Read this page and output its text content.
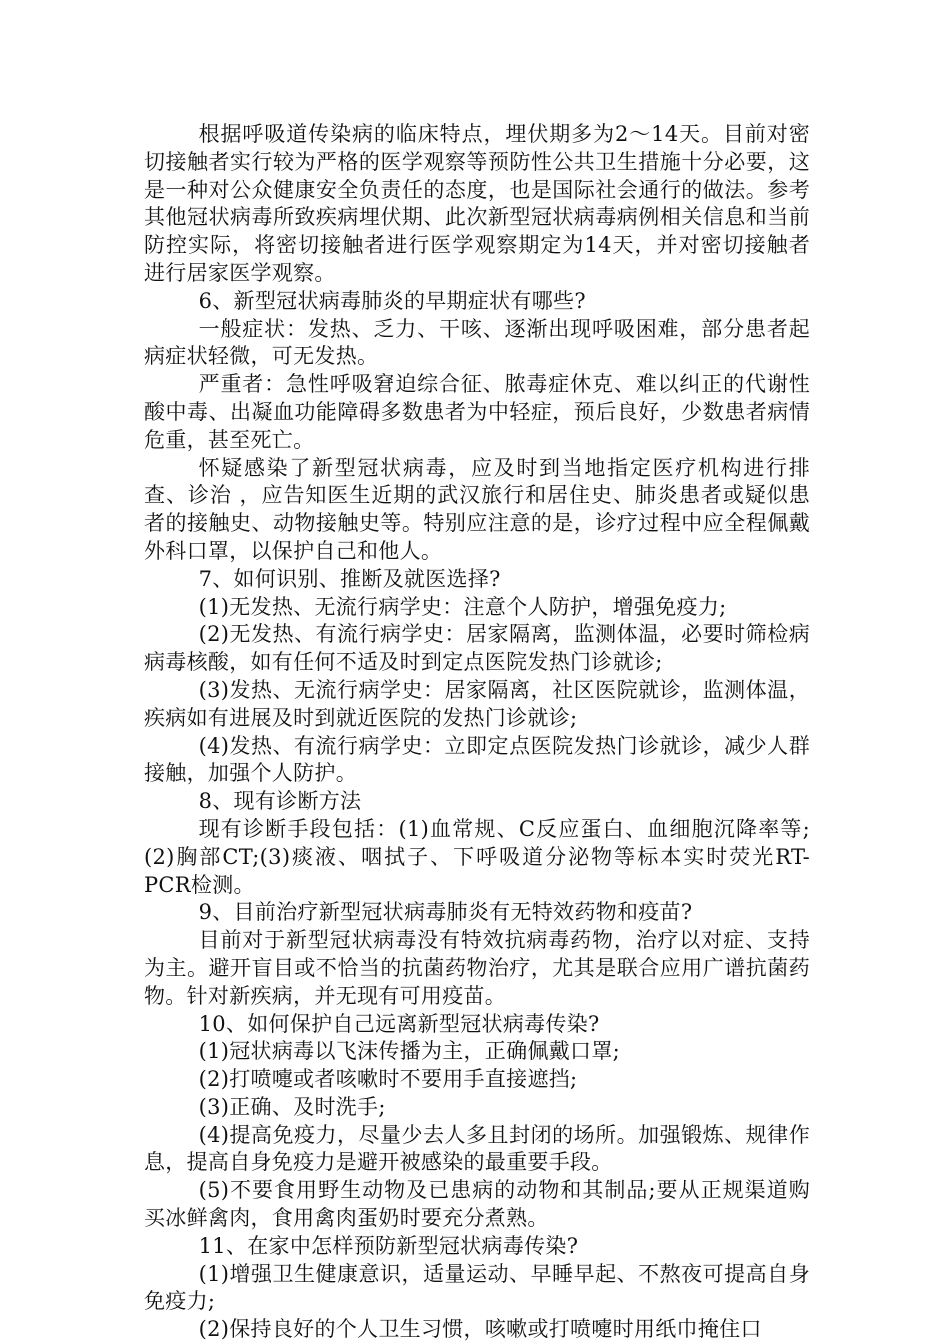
根据呼吸道传染病的临床特点，埋伏期多为2～14天。目前对密切接触者实行较为严格的医学观察等预防性公共卫生措施十分必要，这是一种对公众健康安全负责任的态度，也是国际社会通行的做法。参考其他冠状病毒所致疾病埋伏期、此次新型冠状病毒病例相关信息和当前防控实际，将密切接触者进行医学观察期定为14天，并对密切接触者进行居家医学观察。

6、新型冠状病毒肺炎的早期症状有哪些?

一般症状：发热、乏力、干咳、逐渐出现呼吸困难，部分患者起病症状轻微，可无发热。

严重者：急性呼吸窘迫综合征、脓毒症休克、难以纠正的代谢性酸中毒、出凝血功能障碍多数患者为中轻症，预后良好，少数患者病情危重，甚至死亡。

怀疑感染了新型冠状病毒，应及时到当地指定医疗机构进行排查、诊治 ，应告知医生近期的武汉旅行和居住史、肺炎患者或疑似患者的接触史、动物接触史等。特别应注意的是，诊疗过程中应全程佩戴外科口罩，以保护自己和他人。

7、如何识别、推断及就医选择?

(1)无发热、无流行病学史：注意个人防护，增强免疫力;

(2)无发热、有流行病学史：居家隔离，监测体温，必要时筛检病病毒核酸，如有任何不适及时到定点医院发热门诊就诊;

(3)发热、无流行病学史：居家隔离，社区医院就诊，监测体温，疾病如有进展及时到就近医院的发热门诊就诊;

(4)发热、有流行病学史：立即定点医院发热门诊就诊，减少人群接触，加强个人防护。

8、现有诊断方法

现有诊断手段包括：(1)血常规、C反应蛋白、血细胞沉降率等;(2)胸部CT;(3)痰液、咽拭子、下呼吸道分泌物等标本实时荧光RT-PCR检测。

9、目前治疗新型冠状病毒肺炎有无特效药物和疫苗?

目前对于新型冠状病毒没有特效抗病毒药物，治疗以对症、支持为主。避开盲目或不恰当的抗菌药物治疗，尤其是联合应用广谱抗菌药物。针对新疾病，并无现有可用疫苗。

10、如何保护自己远离新型冠状病毒传染?

(1)冠状病毒以飞沫传播为主，正确佩戴口罩;

(2)打喷嚏或者咳嗽时不要用手直接遮挡;

(3)正确、及时洗手;

(4)提高免疫力，尽量少去人多且封闭的场所。加强锻炼、规律作息，提高自身免疫力是避开被感染的最重要手段。

(5)不要食用野生动物及已患病的动物和其制品;要从正规渠道购买冰鲜禽肉，食用禽肉蛋奶时要充分煮熟。

11、在家中怎样预防新型冠状病毒传染?

(1)增强卫生健康意识，适量运动、早睡早起、不熬夜可提高自身免疫力;

(2)保持良好的个人卫生习惯，咳嗽或打喷嚏时用纸巾掩住口
